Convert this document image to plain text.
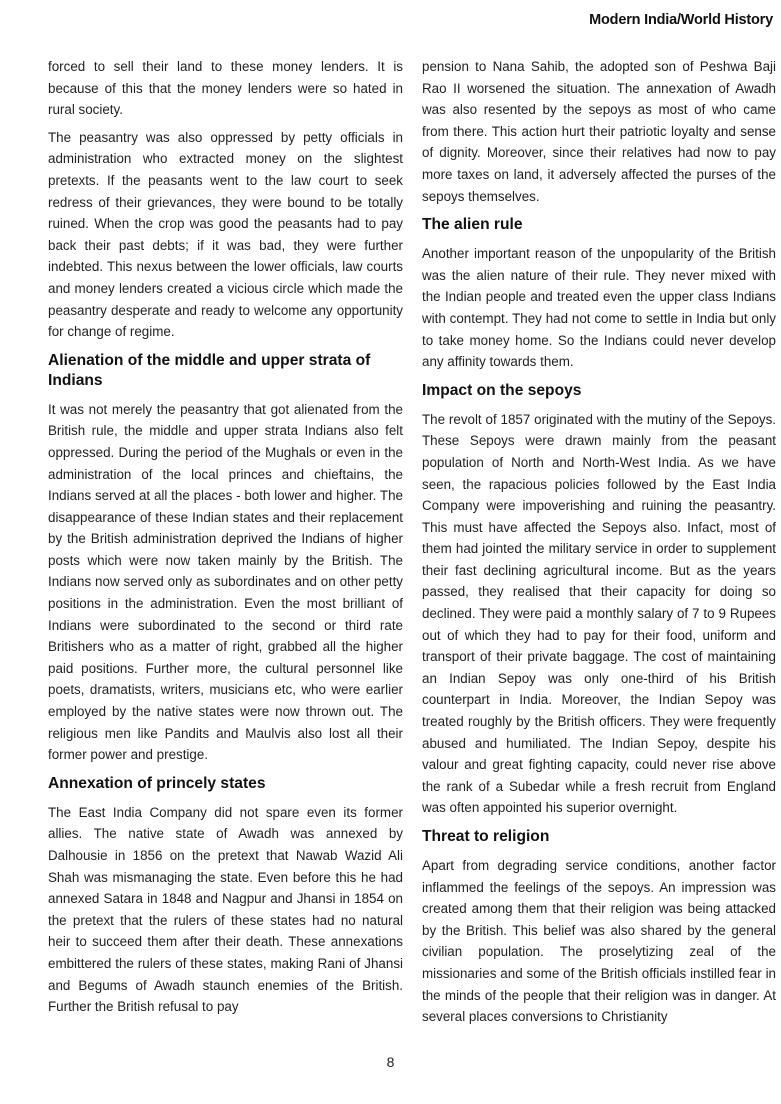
Modern India/World History

forced to sell their land to these money lenders. It is because of this that the money lenders were so hated in rural society.

The peasantry was also oppressed by petty officials in administration who extracted money on the slightest pretexts. If the peasants went to the law court to seek redress of their grievances, they were bound to be totally ruined. When the crop was good the peasants had to pay back their past debts; if it was bad, they were further indebted. This nexus between the lower officials, law courts and money lenders created a vicious circle which made the peasantry desperate and ready to welcome any opportunity for change of regime.

Alienation of the middle and upper strata of Indians

It was not merely the peasantry that got alienated from the British rule, the middle and upper strata Indians also felt oppressed. During the period of the Mughals or even in the administration of the local princes and chieftains, the Indians served at all the places - both lower and higher. The disappearance of these Indian states and their replacement by the British administration deprived the Indians of higher posts which were now taken mainly by the British. The Indians now served only as subordinates and on other petty positions in the administration. Even the most brilliant of Indians were subordinated to the second or third rate Britishers who as a matter of right, grabbed all the higher paid positions. Further more, the cultural personnel like poets, dramatists, writers, musicians etc, who were earlier employed by the native states were now thrown out. The religious men like Pandits and Maulvis also lost all their former power and prestige.

Annexation of princely states

The East India Company did not spare even its former allies. The native state of Awadh was annexed by Dalhousie in 1856 on the pretext that Nawab Wazid Ali Shah was mismanaging the state. Even before this he had annexed Satara in 1848 and Nagpur and Jhansi in 1854 on the pretext that the rulers of these states had no natural heir to succeed them after their death. These annexations embittered the rulers of these states, making Rani of Jhansi and Begums of Awadh staunch enemies of the British. Further the British refusal to pay

pension to Nana Sahib, the adopted son of Peshwa Baji Rao II worsened the situation. The annexation of Awadh was also resented by the sepoys as most of who came from there. This action hurt their patriotic loyalty and sense of dignity. Moreover, since their relatives had now to pay more taxes on land, it adversely affected the purses of the sepoys themselves.

The alien rule

Another important reason of the unpopularity of the British was the alien nature of their rule. They never mixed with the Indian people and treated even the upper class Indians with contempt. They had not come to settle in India but only to take money home. So the Indians could never develop any affinity towards them.

Impact on the sepoys

The revolt of 1857 originated with the mutiny of the Sepoys. These Sepoys were drawn mainly from the peasant population of North and North-West India. As we have seen, the rapacious policies followed by the East India Company were impoverishing and ruining the peasantry. This must have affected the Sepoys also. Infact, most of them had jointed the military service in order to supplement their fast declining agricultural income. But as the years passed, they realised that their capacity for doing so declined. They were paid a monthly salary of 7 to 9 Rupees out of which they had to pay for their food, uniform and transport of their private baggage. The cost of maintaining an Indian Sepoy was only one-third of his British counterpart in India. Moreover, the Indian Sepoy was treated roughly by the British officers. They were frequently abused and humiliated. The Indian Sepoy, despite his valour and great fighting capacity, could never rise above the rank of a Subedar while a fresh recruit from England was often appointed his superior overnight.

Threat to religion

Apart from degrading service conditions, another factor inflammed the feelings of the sepoys. An impression was created among them that their religion was being attacked by the British. This belief was also shared by the general civilian population. The proselytizing zeal of the missionaries and some of the British officials instilled fear in the minds of the people that their religion was in danger. At several places conversions to Christianity

8
